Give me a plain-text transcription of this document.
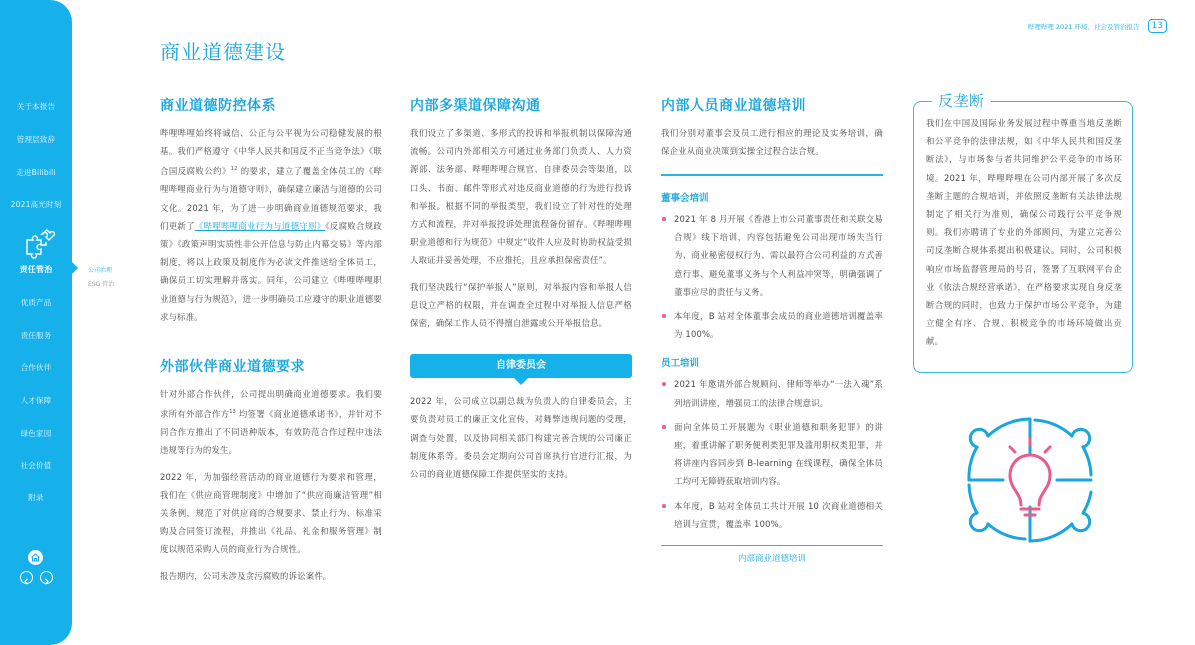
关于本报告
管理层致辞
走进Bilibili
2021高光时刻
责任管治
优质产品
责任服务
合作伙伴
人才保障
绿色家园
社会价值
附录
公司治理
ESG 管治
哔哩哔哩 2021 环境、社会及管治报告	13
商业道德建设
商业道德防控体系

哔哩哔哩始终将诚信、公正与公平视为公司稳健发展的根基。我们严格遵守《中华人民共和国反不正当竞争法》《联合国反腐败公约》$^{12}$ 的要求，建立了覆盖全体员工的《哔哩哔哩商业行为与道德守则》，确保建立廉洁与道德的公司文化。2021 年，为了进一步明确商业道德规范要求，我们更新了《哔哩哔哩商业行为与道德守则》《反腐败合规政策》《政策声明实质性非公开信息与防止内幕交易》等内部制度，将以上政策及制度作为必读文件推送给全体员工，确保员工切实理解并落实。同年，公司建立《哔哩哔哩职业道德与行为规范》，进一步明确员工应遵守的职业道德要求与标准。

外部伙伴商业道德要求

针对外部合作伙伴，公司提出明确商业道德要求。我们要求所有外部合作方$^{13}$ 均签署《商业道德承诺书》，并针对不同合作方推出了不同语种版本，有效防范合作过程中违法违规等行为的发生。

2022 年，为加强经营活动的商业道德行为要求和管理，我们在《供应商管理制度》中增加了“供应商廉洁管理”相关条例，规范了对供应商的合规要求、禁止行为、标准采购及合同签订流程，并推出《礼品、礼金和服务管理》制度以规范采购人员的商业行为合规性。

报告期内，公司未涉及贪污腐败的诉讼案件。

内部多渠道保障沟通

我们设立了多渠道、多形式的投诉和举报机制以保障沟通流畅。公司内外部相关方可通过业务部门负责人、人力资源部、法务部、哔哩哔哩合规官、自律委员会等渠道，以口头、书面、邮件等形式对违反商业道德的行为进行投诉和举报。根据不同的举报类型，我们设立了针对性的处理方式和流程，并对举报投诉处理流程备份留存。《哔哩哔哩职业道德和行为规范》中规定“收件人应及时协助权益受损人取证并妥善处理，不应推托，且应承担保密责任”。

我们坚决践行“保护举报人”原则，对举报内容和举报人信息设立严格的权限，并在调查全过程中对举报人信息严格保密，确保工作人员不得擅自泄露或公开举报信息。

自律委员会

2022 年，公司成立以副总裁为负责人的自律委员会，主要负责对员工的廉正文化宣传，对舞弊违规问题的受理，调查与处置，以及协同相关部门构建完善合规的公司廉正制度体系等。委员会定期向公司首席执行官进行汇报，为公司的商业道德保障工作提供坚实的支持。

内部人员商业道德培训

我们分别对董事会及员工进行相应的理论及实务培训，确保企业从商业决策到实操全过程合法合规。

董事会培训
2021 年 8 月开展《香港上市公司董事责任和关联交易合规》线下培训，内容包括避免公司出现市场失当行为、商业秘密侵权行为、需以最符合公司利益的方式善意行事、避免董事义务与个人利益冲突等，明确强调了董事应尽的责任与义务。
本年度，B 站对全体董事会成员的商业道德培训覆盖率为 100%。
员工培训
2021 年邀请外部合规顾问、律师等举办“一法入魂”系列培训讲座，增强员工的法律合规意识。
面向全体员工开展题为《职业道德和职务犯罪》的讲座，着重讲解了职务便利类犯罪及滥用职权类犯罪，并将讲座内容同步到 B-learning 在线课程，确保全体员工均可无障碍获取培训内容。
本年度，B 站对全体员工共计开展 10 次商业道德相关培训与宣贯，覆盖率 100%。
内部商业道德培训
反垄断

我们在中国及国际业务发展过程中尊重当地反垄断和公平竞争的法律法规，如《中华人民共和国反垄断法》，与市场参与者共同维护公平竞争的市场环境。2021 年，哔哩哔哩在公司内部开展了多次反垄断主题的合规培训，并依照反垄断有关法律法规制定了相关行为准则，确保公司践行公平竞争规则。我们亦聘请了专业的外部顾问，为建立完善公司反垄断合规体系提出积极建议。同时，公司积极响应市场监督管理局的号召，签署了互联网平台企业《依法合规经营承诺》，在严格要求实现自身反垄断合规的同时，也致力于保护市场公平竞争，为建立健全有序、合规、积极竞争的市场环境做出贡献。
